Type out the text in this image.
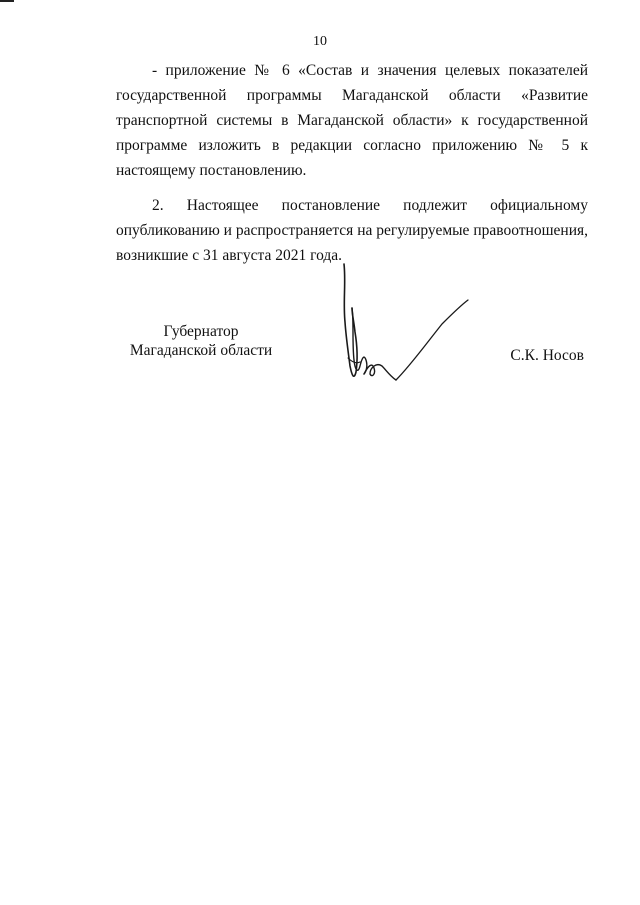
10

- приложение № 6 «Состав и значения целевых показателей государственной программы Магаданской области «Развитие транспортной системы в Магаданской области» к государственной программе изложить в редакции согласно приложению № 5 к настоящему постановлению.

2. Настоящее постановление подлежит официальному опубликованию и распространяется на регулируемые правоотношения, возникшие с 31 августа 2021 года.

Губернатор
Магаданской области	С.К. Носов
